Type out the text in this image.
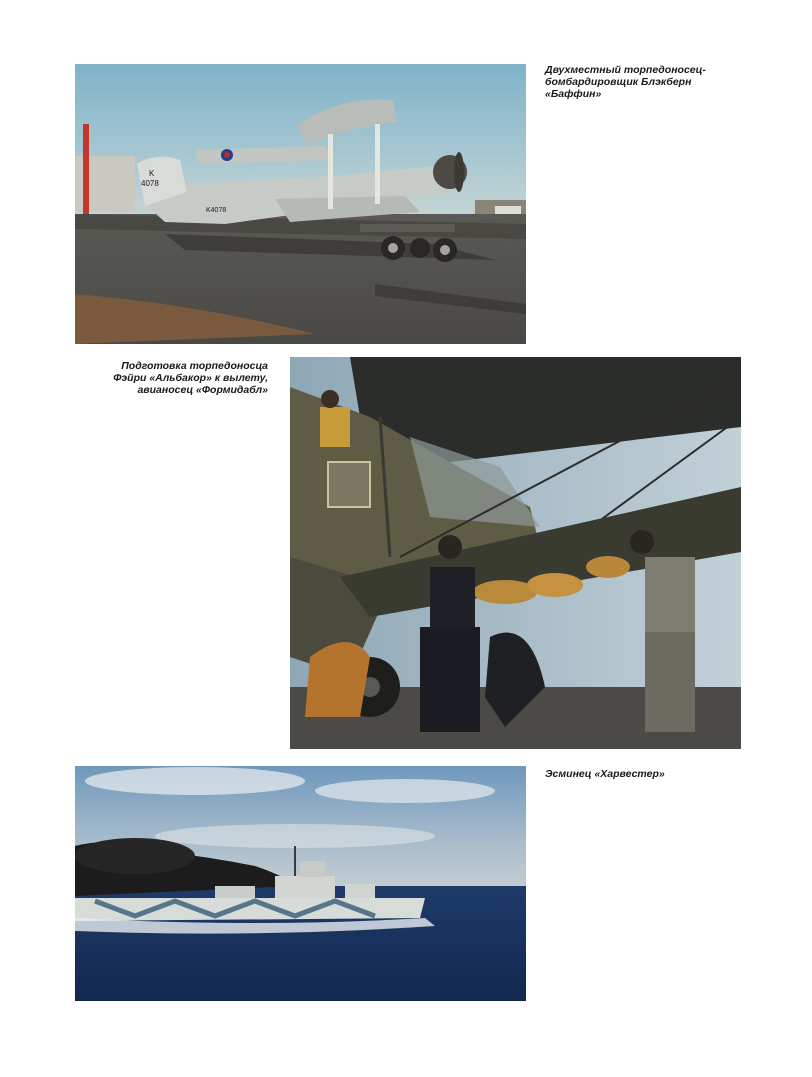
K
4078
K4078
Двухместный торпедоносец-
бомбардировщик Блэкберн
«Баффин»
Подготовка торпедоносца
Фэйри «Альбакор» к вылету,
авианосец «Формидабл»
Эсминец «Харвестер»
